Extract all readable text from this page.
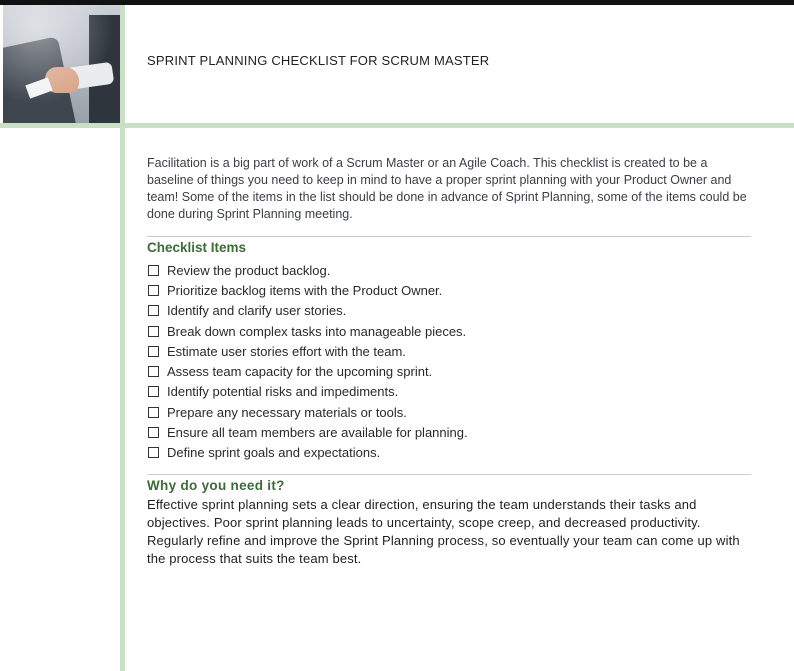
SPRINT PLANNING CHECKLIST FOR SCRUM MASTER

Facilitation is a big part of work of a Scrum Master or an Agile Coach. This checklist is created to be a baseline of things you need to keep in mind to have a proper sprint planning with your Product Owner and team! Some of the items in the list should be done in advance of Sprint Planning, some of the items could be done during Sprint Planning meeting.

Checklist Items
Review the product backlog.
Prioritize backlog items with the Product Owner.
Identify and clarify user stories.
Break down complex tasks into manageable pieces.
Estimate user stories effort with the team.
Assess team capacity for the upcoming sprint.
Identify potential risks and impediments.
Prepare any necessary materials or tools.
Ensure all team members are available for planning.
Define sprint goals and expectations.
Why do you need it?

Effective sprint planning sets a clear direction, ensuring the team understands their tasks and objectives. Poor sprint planning leads to uncertainty, scope creep, and decreased productivity. Regularly refine and improve the Sprint Planning process, so eventually your team can come up with the process that suits the team best.
